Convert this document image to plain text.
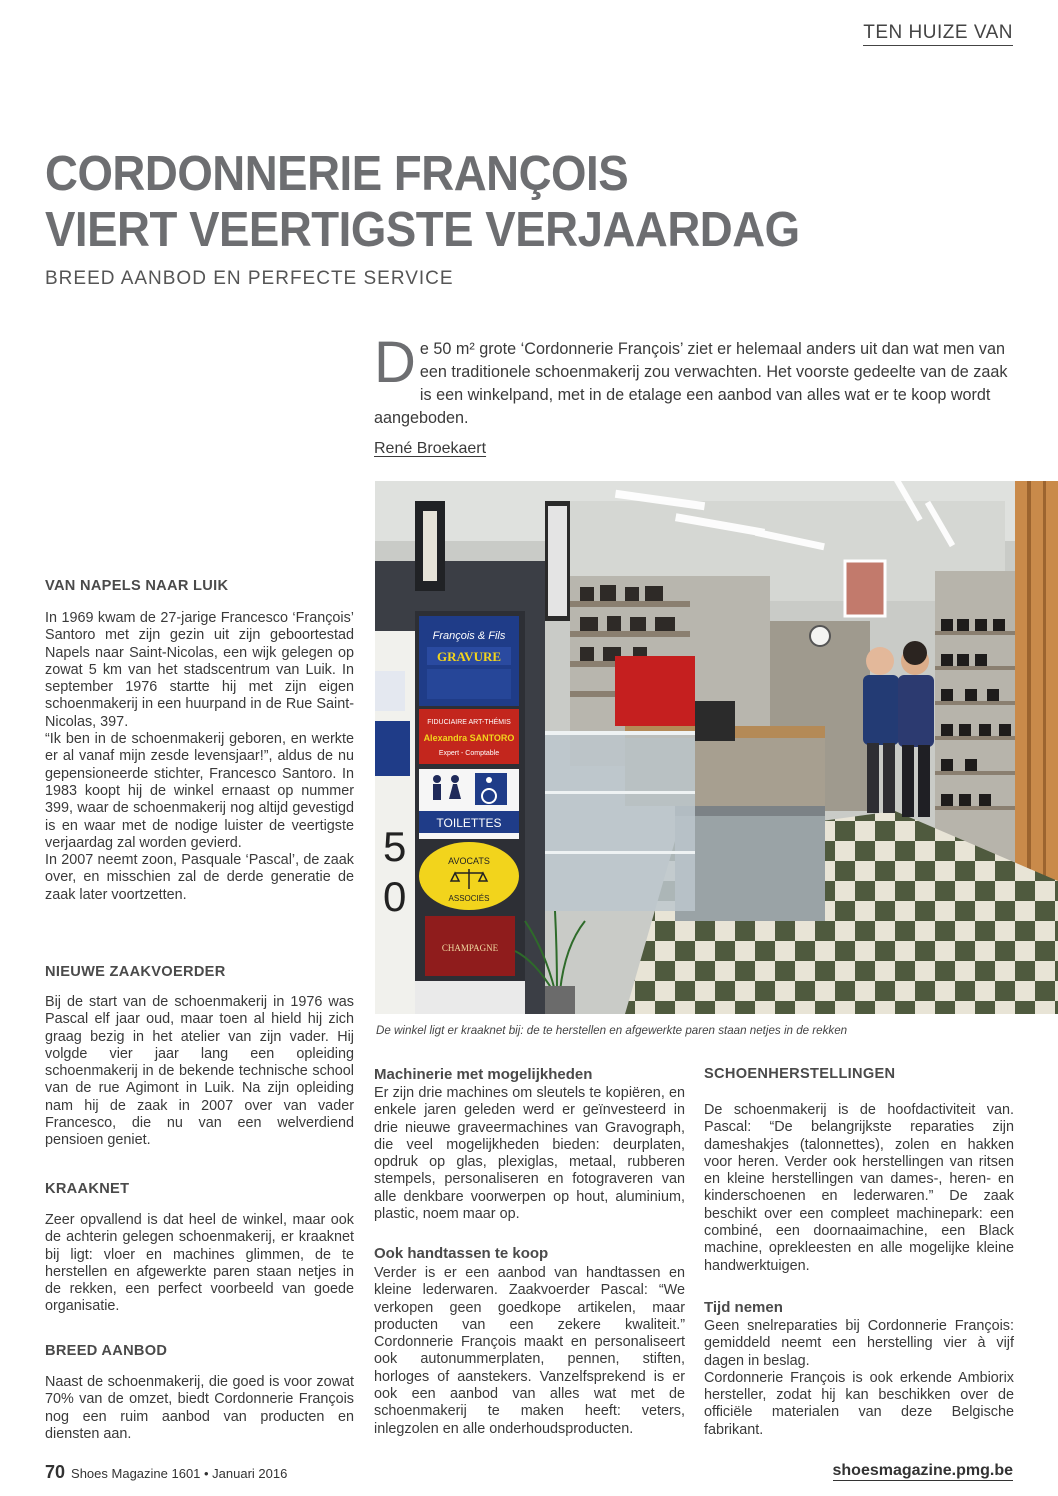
TEN HUIZE VAN
CORDONNERIE FRANÇOIS
VIERT VEERTIGSTE VERJAARDAG
BREED AANBOD EN PERFECTE SERVICE
De 50 m² grote ‘Cordonnerie François’ ziet er helemaal anders uit dan wat men van een traditionele schoenmakerij zou verwachten. Het voorste gedeelte van de zaak is een winkelpand, met in de etalage een aanbod van alles wat er te koop wordt aangeboden.
René Broekaert
5
0
François & Fils
GRAVURE
FIDUCIAIRE ART-THÉMIS
Alexandra SANTORO
Expert - Comptable
TOILETTES
AVOCATS
ASSOCIÉS
CHAMPAGNE
De winkel ligt er kraaknet bij: de te herstellen en afgewerkte paren staan netjes in de rekken
VAN NAPELS NAAR LUIK

In 1969 kwam de 27-jarige Francesco ‘François’ Santoro met zijn gezin uit zijn geboortestad Napels naar Saint-Nicolas, een wijk gelegen op zowat 5 km van het stadscentrum van Luik. In september 1976 startte hij met zijn eigen schoenmakerij in een huurpand in de Rue Saint-Nicolas, 397.

“Ik ben in de schoenmakerij geboren, en werkte er al vanaf mijn zesde levensjaar!”, aldus de nu gepensioneerde stichter, Francesco Santoro. In 1983 koopt hij de winkel ernaast op nummer 399, waar de schoenmakerij nog altijd gevestigd is en waar met de nodige luister de veertigste verjaardag zal worden gevierd.

In 2007 neemt zoon, Pasquale ‘Pascal’, de zaak over, en misschien zal de derde generatie de zaak later voortzetten.

NIEUWE ZAAKVOERDER

Bij de start van de schoenmakerij in 1976 was Pascal elf jaar oud, maar toen al hield hij zich graag bezig in het atelier van zijn vader. Hij volgde vier jaar lang een opleiding schoenmakerij in de bekende technische school van de rue Agimont in Luik. Na zijn opleiding nam hij de zaak in 2007 over van vader Francesco, die nu van een welverdiend pensioen geniet.

KRAAKNET

Zeer opvallend is dat heel de winkel, maar ook de achterin gelegen schoenmakerij, er kraaknet bij ligt: vloer en machines glimmen, de te herstellen en afgewerkte paren staan netjes in de rekken, een perfect voorbeeld van goede organisatie.

BREED AANBOD

Naast de schoenmakerij, die goed is voor zowat 70% van de omzet, biedt Cordonnerie François nog een ruim aanbod van producten en diensten aan.

Machinerie met mogelijkheden

Er zijn drie machines om sleutels te kopiëren, en enkele jaren geleden werd er geïnvesteerd in drie nieuwe graveermachines van Gravograph, die veel mogelijkheden bieden: deurplaten, opdruk op glas, plexiglas, metaal, rubberen stempels, personaliseren en fotograveren van alle denkbare voorwerpen op hout, aluminium, plastic, noem maar op.

Ook handtassen te koop

Verder is er een aanbod van handtassen en kleine lederwaren. Zaakvoerder Pascal: “We verkopen geen goedkope artikelen, maar producten van een zekere kwaliteit.” Cordonnerie François maakt en personaliseert ook autonummerplaten, pennen, stiften, horloges of aanstekers. Vanzelfsprekend is er ook een aanbod van alles wat met de schoenmakerij te maken heeft: veters, inlegzolen en alle onderhoudsproducten.

SCHOENHERSTELLINGEN

De schoenmakerij is de hoofdactiviteit van. Pascal: “De belangrijkste reparaties zijn dameshakjes (talonnettes), zolen en hakken voor heren. Verder ook herstellingen van ritsen en kleine herstellingen van dames-, heren- en kinderschoenen en lederwaren.” De zaak beschikt over een compleet machinepark: een combiné, een doornaaimachine, een Black machine, oprekleesten en alle mogelijke kleine handwerktuigen.

Tijd nemen

Geen snelreparaties bij Cordonnerie François: gemiddeld neemt een herstelling vier à vijf dagen in beslag.

Cordonnerie François is ook erkende Ambiorix hersteller, zodat hij kan beschikken over de officiële materialen van deze Belgische fabrikant.

70 Shoes Magazine 1601 • Januari 2016	shoesmagazine.pmg.be
